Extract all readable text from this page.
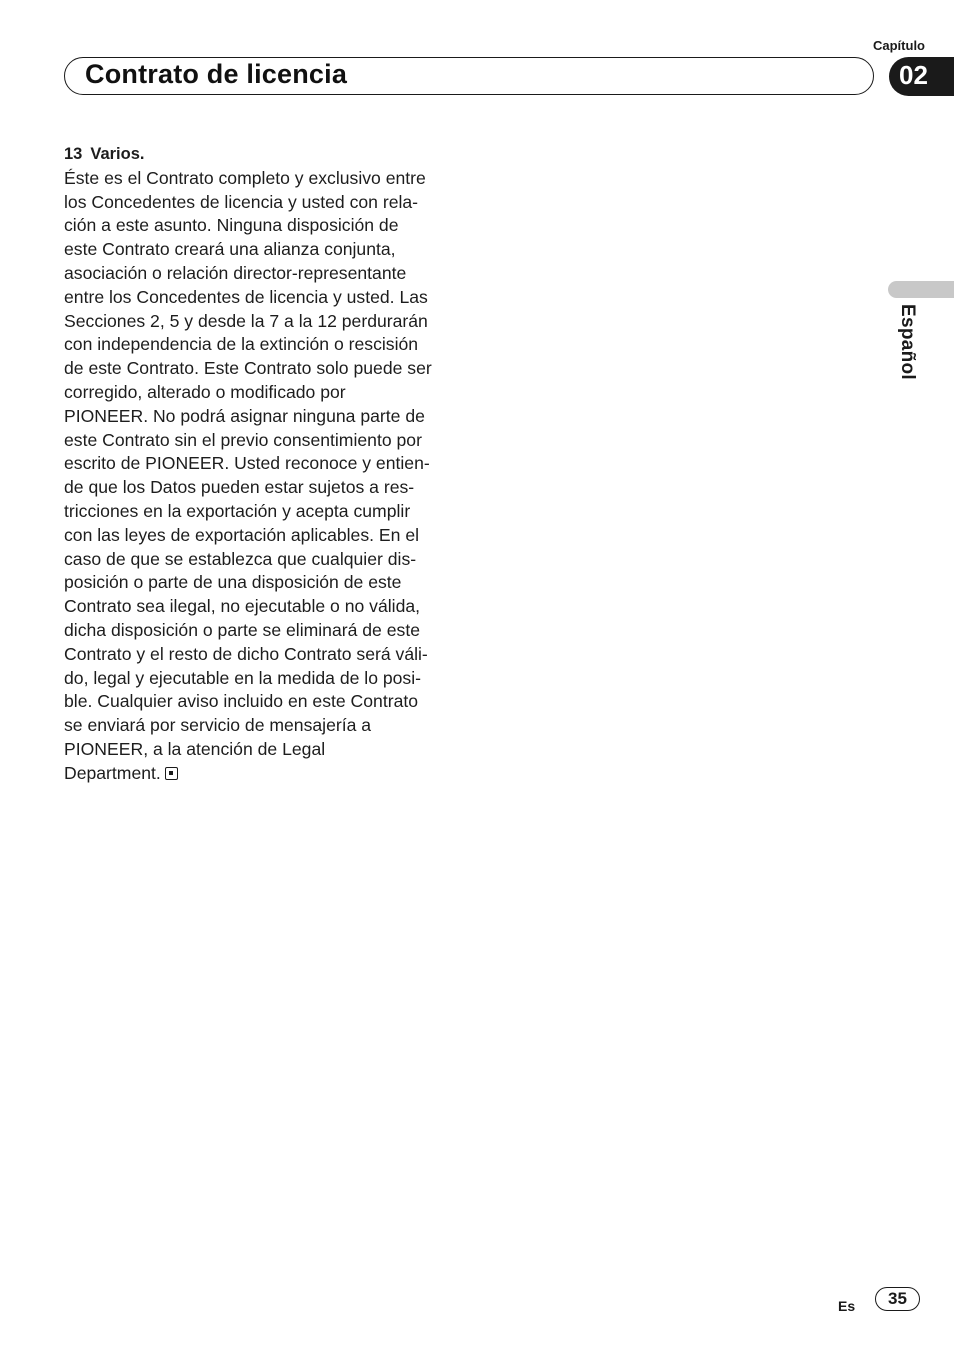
Capítulo
Contrato de licencia	02
Español
13 Varios.
Éste es el Contrato completo y exclusivo entre
los Concedentes de licencia y usted con rela-
ción a este asunto. Ninguna disposición de
este Contrato creará una alianza conjunta,
asociación o relación director-representante
entre los Concedentes de licencia y usted. Las
Secciones 2, 5 y desde la 7 a la 12 perdurarán
con independencia de la extinción o rescisión
de este Contrato. Este Contrato solo puede ser
corregido, alterado o modificado por
PIONEER. No podrá asignar ninguna parte de
este Contrato sin el previo consentimiento por
escrito de PIONEER. Usted reconoce y entien-
de que los Datos pueden estar sujetos a res-
tricciones en la exportación y acepta cumplir
con las leyes de exportación aplicables. En el
caso de que se establezca que cualquier dis-
posición o parte de una disposición de este
Contrato sea ilegal, no ejecutable o no válida,
dicha disposición o parte se eliminará de este
Contrato y el resto de dicho Contrato será váli-
do, legal y ejecutable en la medida de lo posi-
ble. Cualquier aviso incluido en este Contrato
se enviará por servicio de mensajería a
PIONEER, a la atención de Legal
Department.
Es	35
